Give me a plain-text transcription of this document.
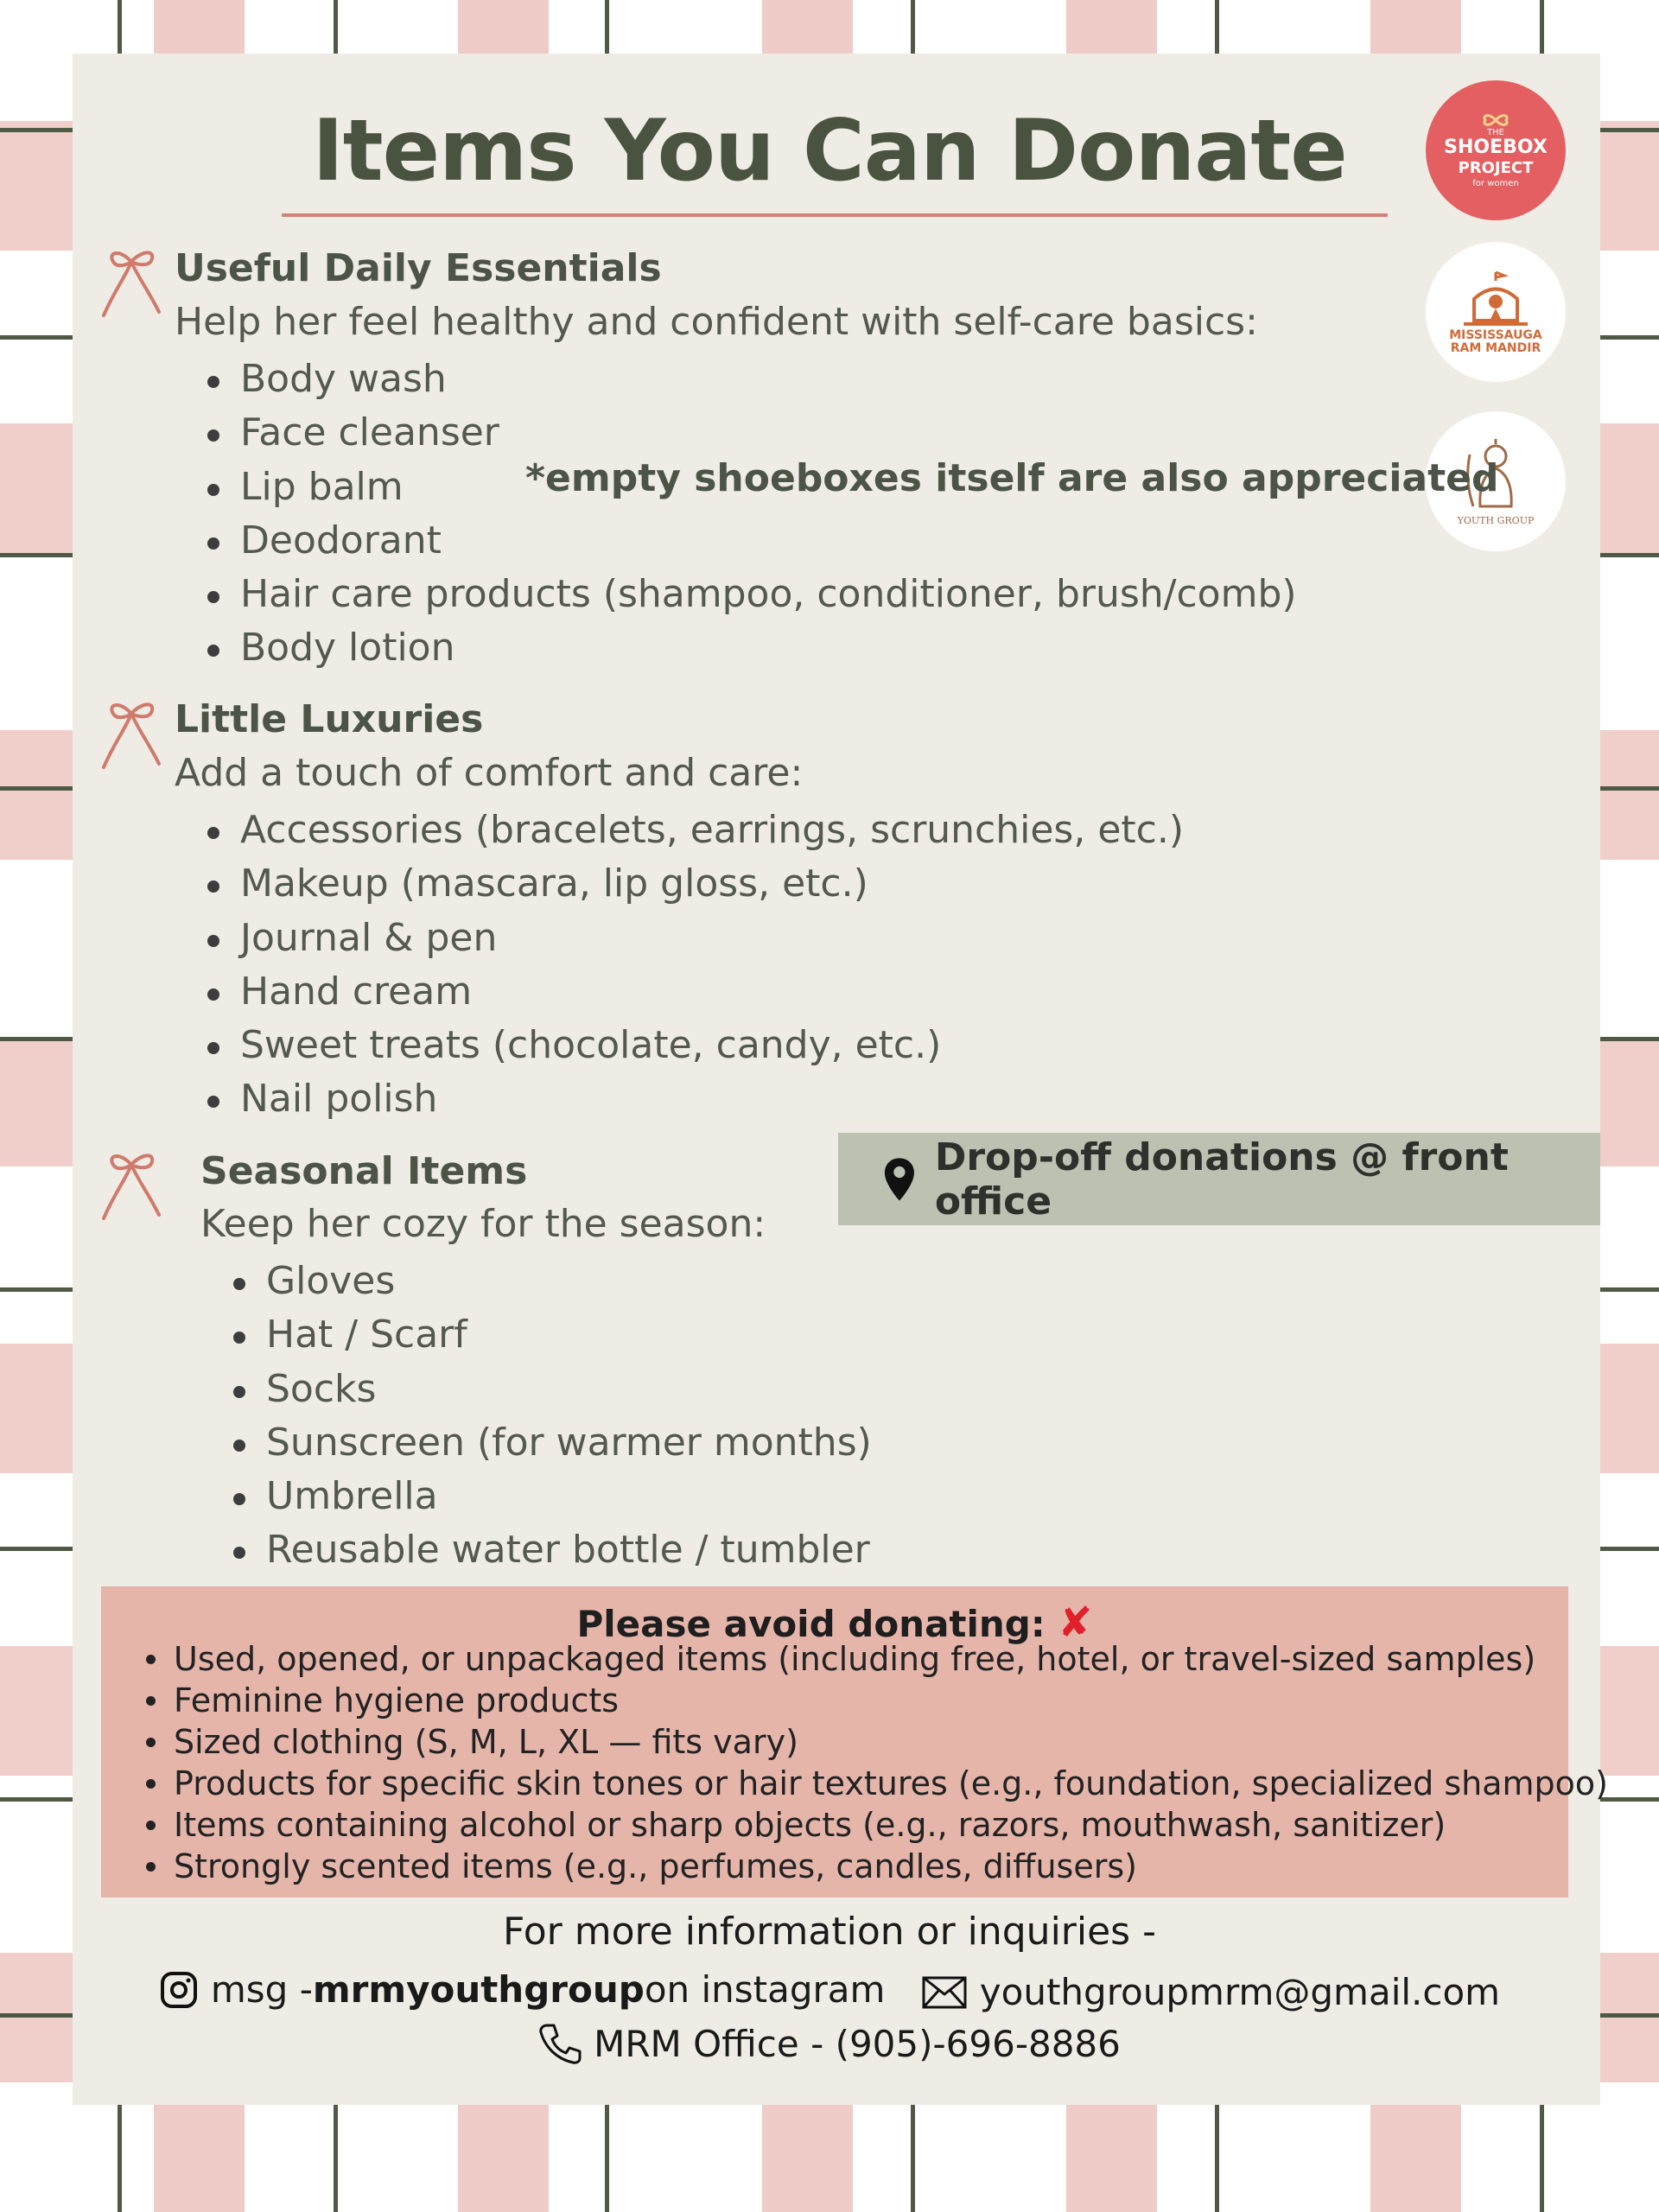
Items You Can Donate	THE
SHOEBOX
PROJECT
for women
MISSISSAUGA
RAM MANDIR
YOUTH GROUP
Useful Daily Essentials
Help her feel healthy and confident with self-care basics:
Body wash
Face cleanser
Lip balm
Deodorant
Hair care products (shampoo, conditioner, brush/comb)
Body lotion
*empty shoeboxes itself are also appreciated
Little Luxuries
Add a touch of comfort and care:
Accessories (bracelets, earrings, scrunchies, etc.)
Makeup (mascara, lip gloss, etc.)
Journal & pen
Hand cream
Sweet treats (chocolate, candy, etc.)
Nail polish
Seasonal Items
Keep her cozy for the season:
Gloves
Hat / Scarf
Socks
Sunscreen (for warmer months)
Umbrella
Reusable water bottle / tumbler
Drop-off donations @ front office
Please avoid donating: ✘
Used, opened, or unpackaged items (including free, hotel, or travel-sized samples)
Feminine hygiene products
Sized clothing (S, M, L, XL — fits vary)
Products for specific skin tones or hair textures (e.g., foundation, specialized shampoo)
Items containing alcohol or sharp objects (e.g., razors, mouthwash, sanitizer)
Strongly scented items (e.g., perfumes, candles, diffusers)
For more information or inquiries -
msg - mrmyouthgroup on instagram
	youthgroupmrm@gmail.com
MRM Office - (905)-696-8886
